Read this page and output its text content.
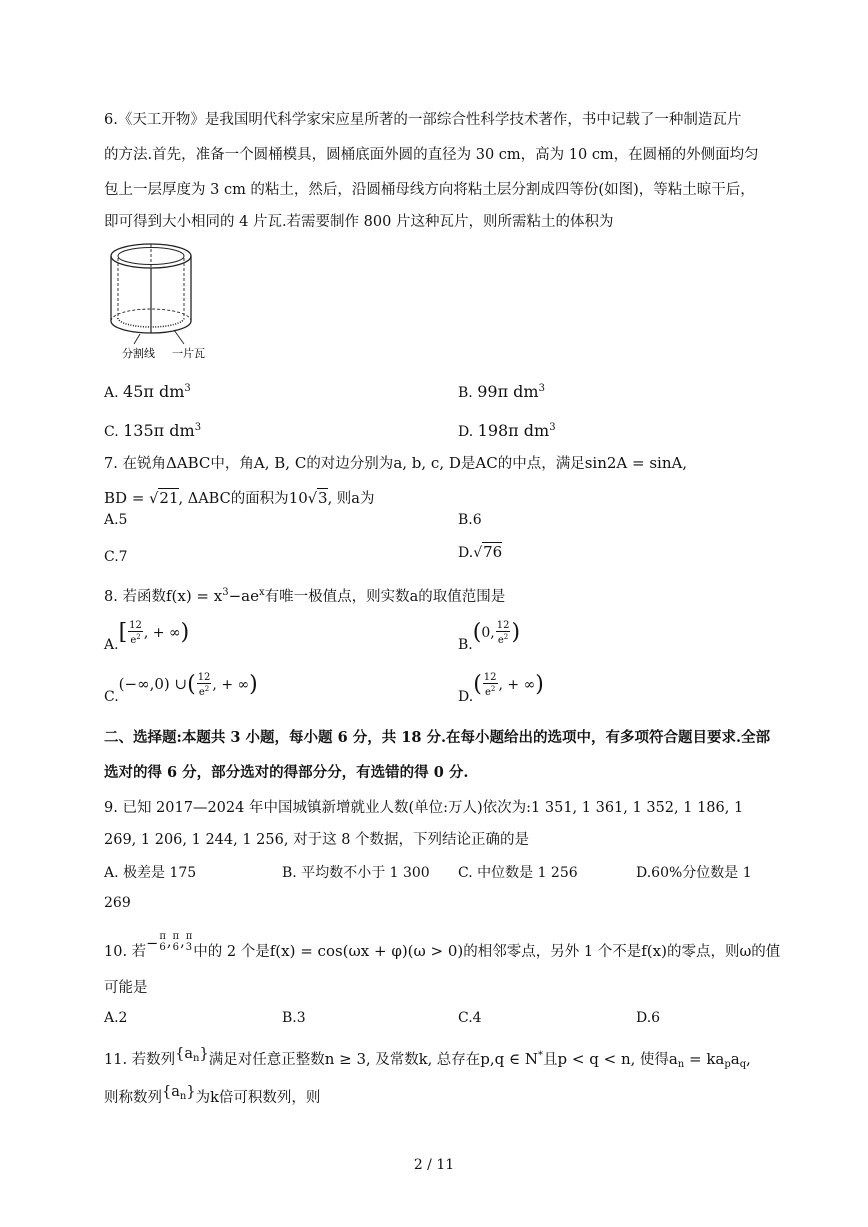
6.《天工开物》是我国明代科学家宋应星所著的一部综合性科学技术著作，书中记载了一种制造瓦片
的方法.首先，准备一个圆桶模具，圆桶底面外圆的直径为 30 cm，高为 10 cm，在圆桶的外侧面均匀
包上一层厚度为 3 cm 的粘土，然后，沿圆桶母线方向将粘土层分割成四等份(如图)，等粘土晾干后，
即可得到大小相同的 4 片瓦.若需要制作 800 片这种瓦片，则所需粘土的体积为
分割线 一片瓦
A. 45π $dm^3$	B. 99π $dm^3$
C. 135π $dm^3$	D. 198π $dm^3$
7. 在锐角ΔABC中，角A, B, C的对边分别为a, b, c, D是AC的中点，满足sin2A = sinA,
BD = √21, ΔABC的面积为10√3, 则a为
A.5	B.6
C.7	D.√76
8. 若函数$f(x) = x^3-ae^x$有唯一极值点，则实数a的取值范围是
$A.[ \frac{12}{e^2}$ , + ∞)	B.(0, $\frac{12}{e^2}$ )
C.(−∞,0) ∪( $\frac{12}{e^2}$ , + ∞)	$D.( \frac{12}{e^2}$ , + ∞)
二、选择题:本题共 3 小题，每小题 6 分，共 18 分.在每小题给出的选项中，有多项符合题目要求.全部
选对的得 6 分，部分选对的得部分分，有选错的得 0 分.
9. 已知 2017—2024 年中国城镇新增就业人数(单位:万人)依次为:1 351, 1 361, 1 352, 1 186, 1
269, 1 206, 1 244, 1 256, 对于这 8 个数据，下列结论正确的是
A. 极差是 175	B. 平均数不小于 1 300 C. 中位数是 1 256	D.60%分位数是 1
269
10. 若− π
6 , π
6 , π
3 中的 2 个是f(x) = cos(ωx + φ)(ω > 0)的相邻零点，另外 1 个不是f(x)的零点，则ω的值
可能是
A.2	B.3	C.4	D.6
11. 若数列$\{a_n\}$满足对任意正整数n ≥ 3, 及常数k, 总存在p,q ∈ N*且p < q < n, 使得$a_n = ka_pa_q$,
则称数列$\{a_n\}$为k倍可积数列，则
2 / 11
